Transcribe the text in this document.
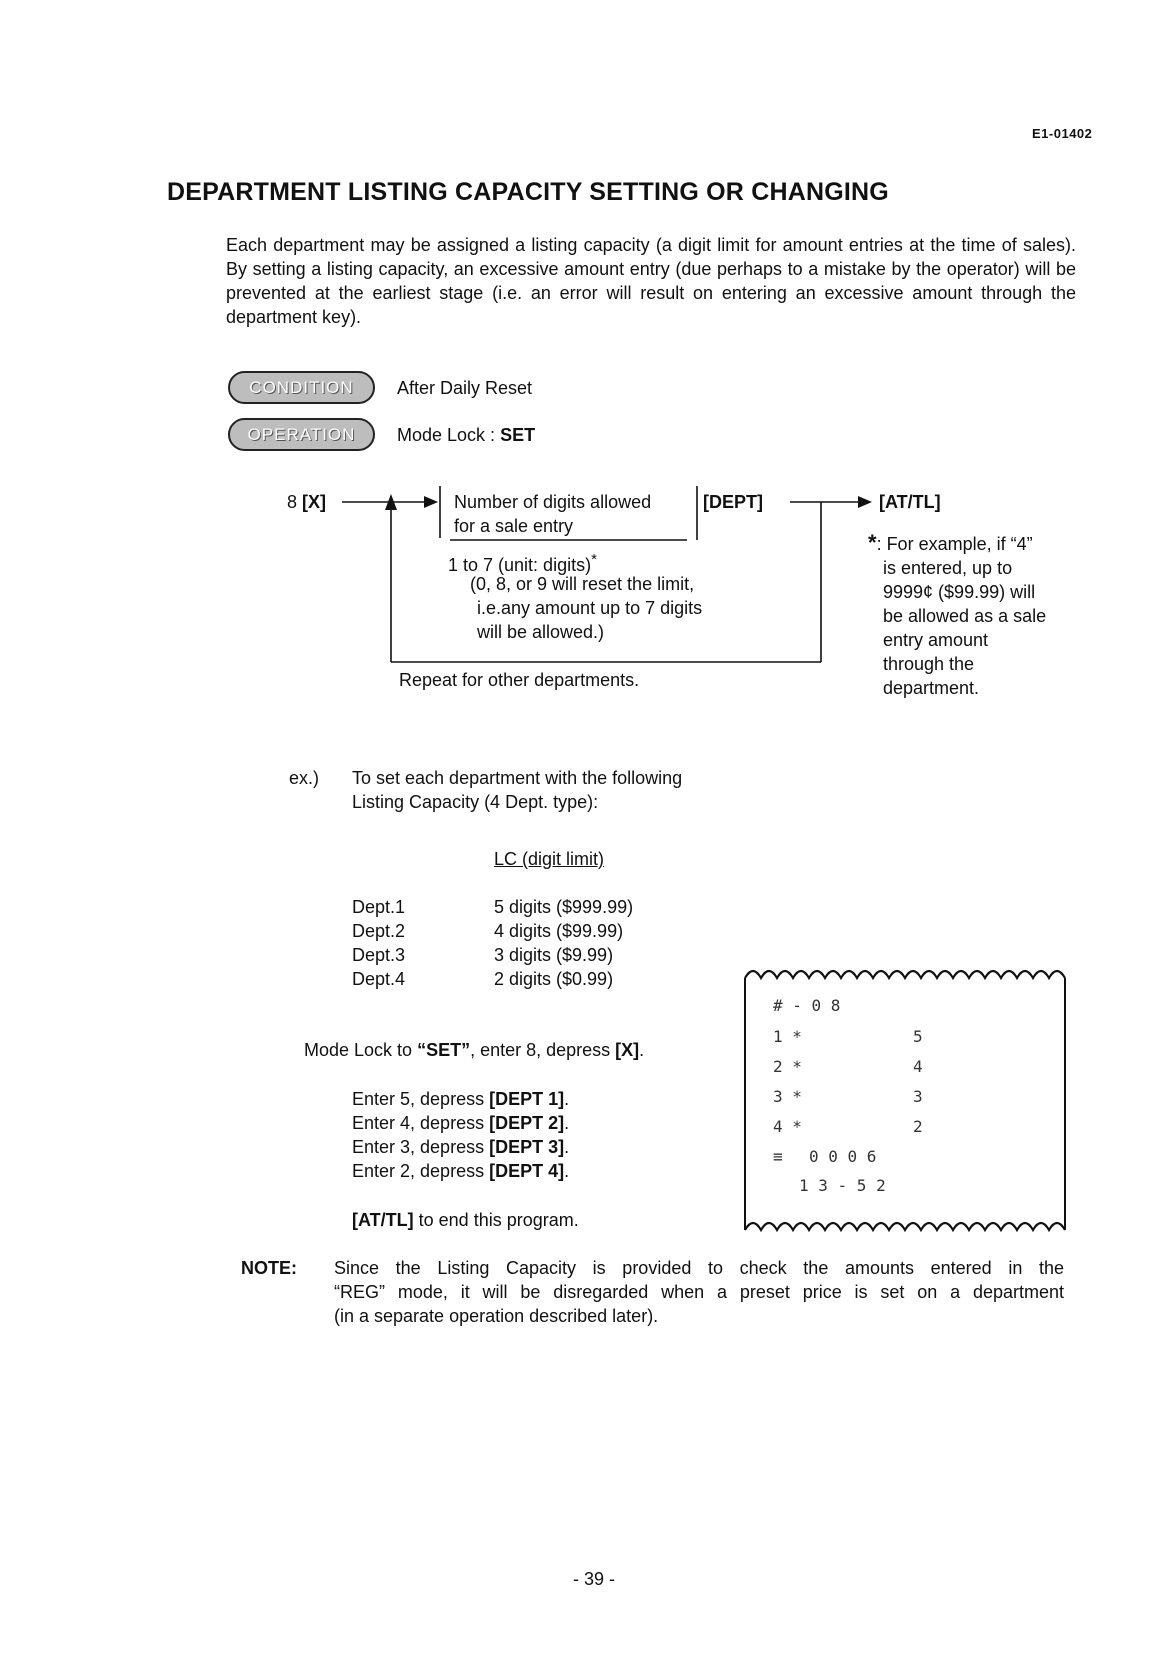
E1-01402
DEPARTMENT LISTING CAPACITY SETTING OR CHANGING
Each department may be assigned a listing capacity (a digit limit for amount entries at the time of sales). By setting a listing capacity, an excessive amount entry (due perhaps to a mistake by the operator) will be prevented at the earliest stage (i.e. an error will result on entering an excessive amount through the department key).
CONDITION	After Daily Reset
OPERATION	Mode Lock : SET
8 [X]	Number of digits allowed
for a sale entry
[DEPT]	[AT/TL]
1 to 7 (unit: digits)*
(0, 8, or 9 will reset the limit,
i.e.any amount up to 7 digits
will be allowed.)
Repeat for other departments.
*: For example, if “4”
is entered, up to
9999¢ ($99.99) will
be allowed as a sale
entry amount
through the
department.
ex.) To set each department with the following
Listing Capacity (4 Dept. type):
LC (digit limit)
Dept.1	5 digits ($999.99)
Dept.2	4 digits ($99.99)
Dept.3	3 digits ($9.99)
Dept.4	2 digits ($0.99)
Mode Lock to “SET”, enter 8, depress [X].
Enter 5, depress [DEPT 1].
Enter 4, depress [DEPT 2].
Enter 3, depress [DEPT 3].
Enter 2, depress [DEPT 4].
[AT/TL] to end this program.
# - 0 8
1 *	5
2 *	4
3 *	3
4 *	2
≡ 0 0 0 6
1 3 - 5 2
NOTE: Since the Listing Capacity is provided to check the amounts entered in the
“REG” mode, it will be disregarded when a preset price is set on a department
(in a separate operation described later).
- 39 -
